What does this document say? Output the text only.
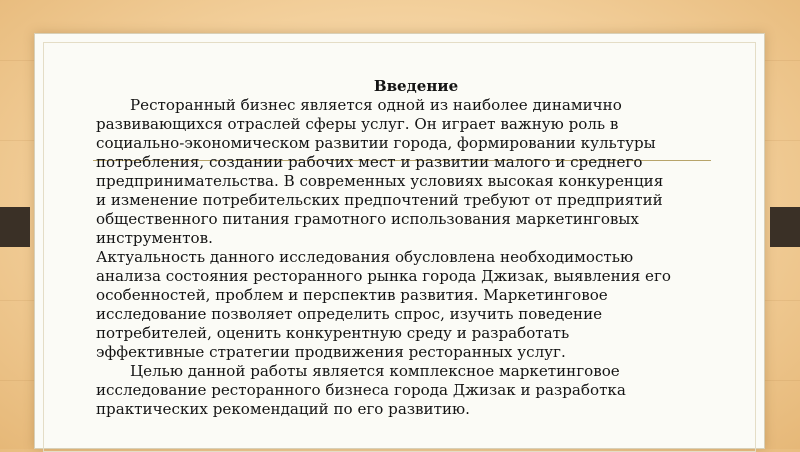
Введение

Ресторанный бизнес является одной из наиболее динамично

развивающихся отраслей сферы услуг. Он играет важную роль в

социально-экономическом развитии города, формировании культуры

потребления, создании рабочих мест и развитии малого и среднего

предпринимательства. В современных условиях высокая конкуренция

и изменение потребительских предпочтений требуют от предприятий

общественного питания грамотного использования маркетинговых

инструментов.

Актуальность данного исследования обусловлена необходимостью

анализа состояния ресторанного рынка города Джизак, выявления его

особенностей, проблем и перспектив развития. Маркетинговое

исследование позволяет определить спрос, изучить поведение

потребителей, оценить конкурентную среду и разработать

эффективные стратегии продвижения ресторанных услуг.

Целью данной работы является комплексное маркетинговое

исследование ресторанного бизнеса города Джизак и разработка

практических рекомендаций по его развитию.
